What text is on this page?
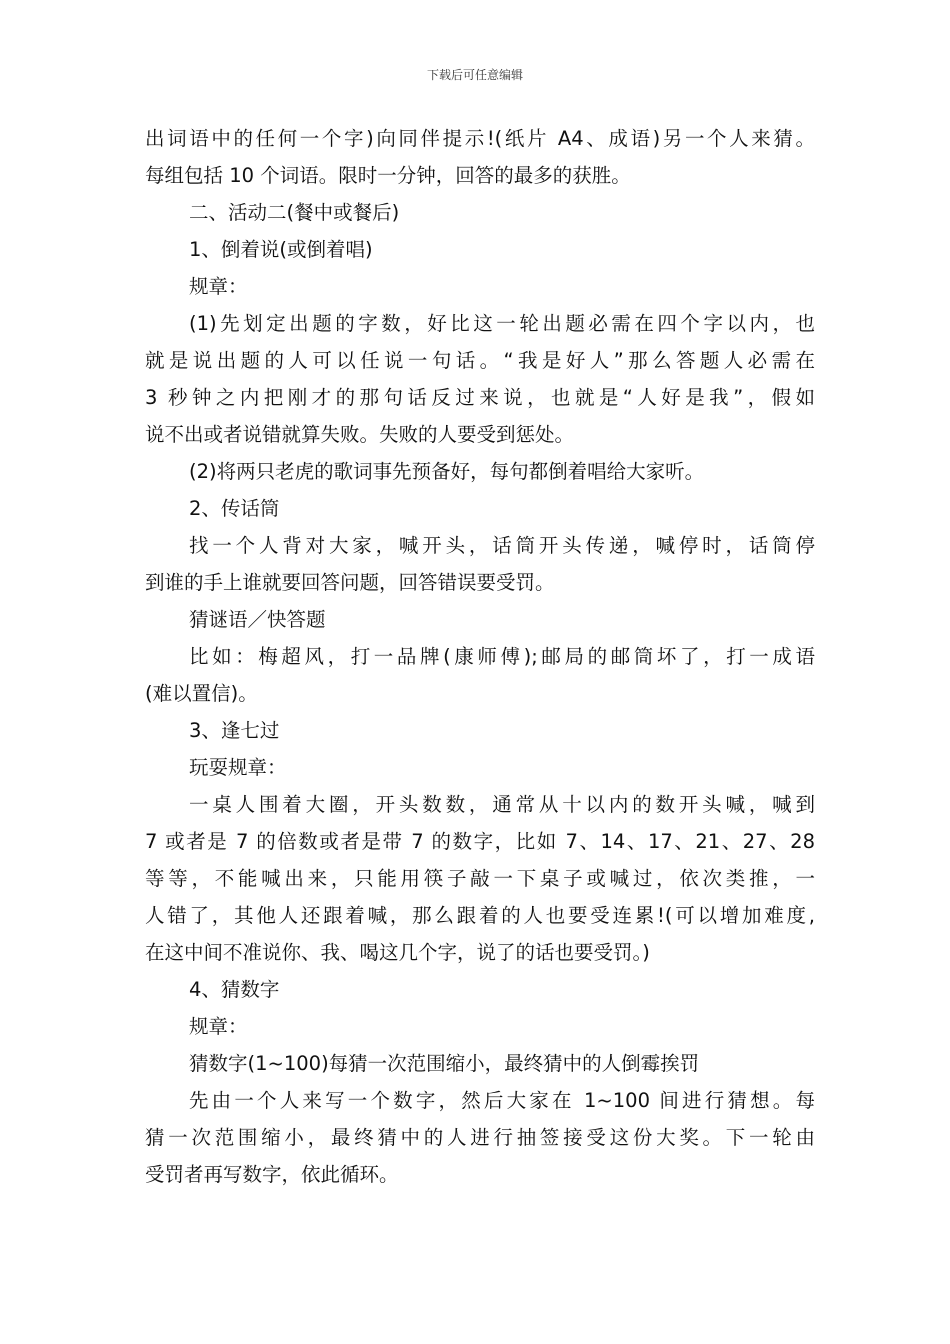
下载后可任意编辑
出词语中的任何一个字)向同伴提示!(纸片 A4、成语)另一个人来猜。
每组包括 10 个词语。限时一分钟，回答的最多的获胜。
二、活动二(餐中或餐后)
1、倒着说(或倒着唱)
规章：
(1)先划定出题的字数，好比这一轮出题必需在四个字以内，也
就是说出题的人可以任说一句话。“我是好人”那么答题人必需在
3 秒钟之内把刚才的那句话反过来说，也就是“人好是我”，假如
说不出或者说错就算失败。失败的人要受到惩处。
(2)将两只老虎的歌词事先预备好，每句都倒着唱给大家听。
2、传话筒
找一个人背对大家，喊开头，话筒开头传递，喊停时，话筒停
到谁的手上谁就要回答问题，回答错误要受罚。
猜谜语／快答题
比如：梅超风，打一品牌(康师傅);邮局的邮筒坏了，打一成语
(难以置信)。
3、逢七过
玩耍规章：
一桌人围着大圈，开头数数，通常从十以内的数开头喊，喊到
7 或者是 7 的倍数或者是带 7 的数字，比如 7、14、17、21、27、28
等等，不能喊出来，只能用筷子敲一下桌子或喊过，依次类推，一
人错了，其他人还跟着喊，那么跟着的人也要受连累!(可以增加难度,
在这中间不准说你、我、喝这几个字，说了的话也要受罚。)
4、猜数字
规章：
猜数字(1~100)每猜一次范围缩小，最终猜中的人倒霉挨罚
先由一个人来写一个数字，然后大家在 1~100 间进行猜想。每
猜一次范围缩小，最终猜中的人进行抽签接受这份大奖。下一轮由
受罚者再写数字，依此循环。
